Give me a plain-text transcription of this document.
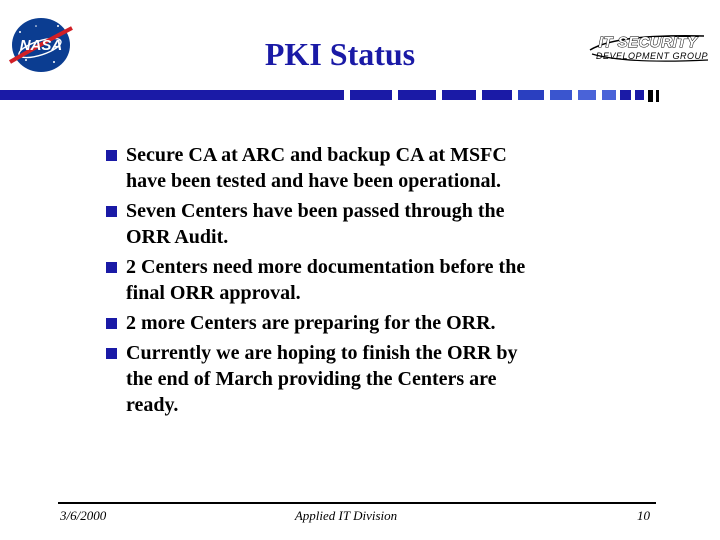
NASA	PKI Status	IT SECURITY
DEVELOPMENT GROUP
Secure CA at ARC and backup CA at MSFC
have been tested and have been operational.
Seven Centers have been passed through the
ORR Audit.
2 Centers need more documentation before the
final ORR approval.
2 more Centers are preparing for the ORR.
Currently we are hoping to finish the ORR by
the end of March providing the Centers are
ready.
3/6/2000	Applied IT Division	10
